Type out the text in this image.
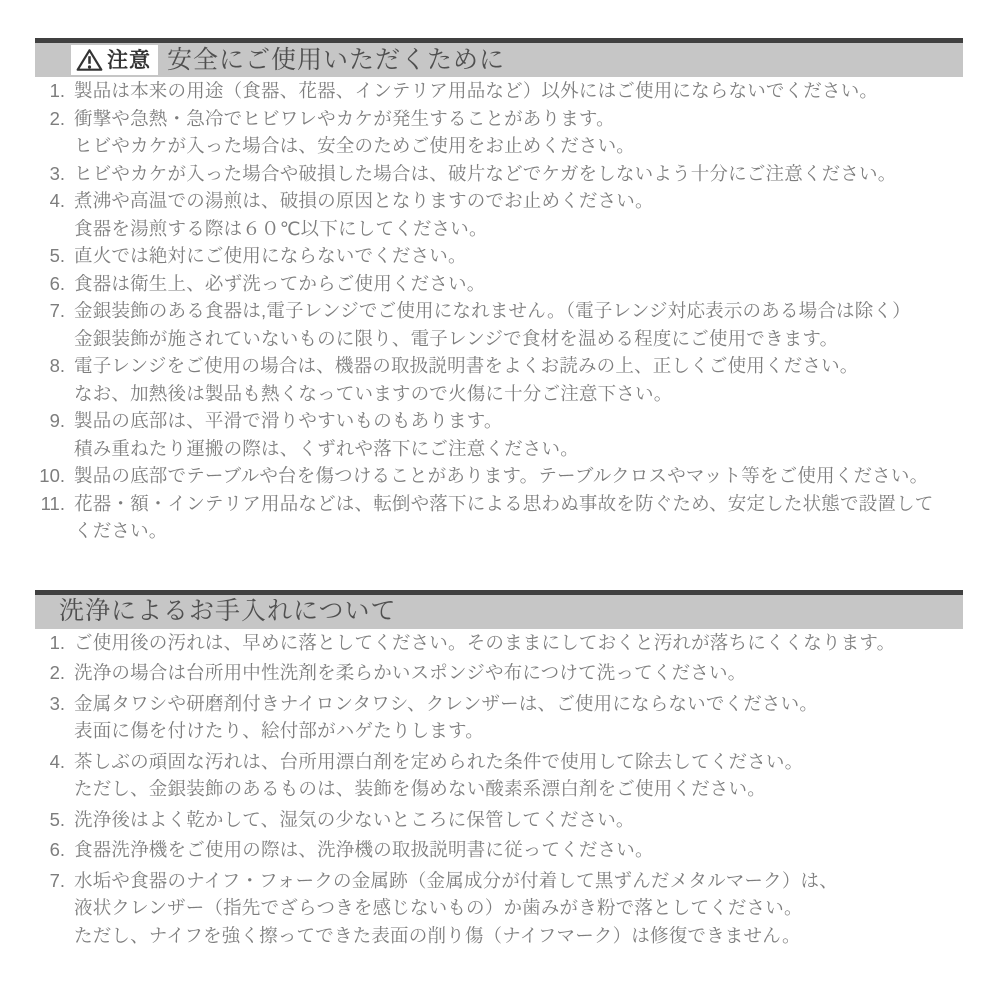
注意 安全にご使用いただくために
1. 製品は本来の用途（食器、花器、インテリア用品など）以外にはご使用にならないでください。
2. 衝撃や急熱・急冷でヒビワレやカケが発生することがあります。
ヒビやカケが入った場合は、安全のためご使用をお止めください。
3. ヒビやカケが入った場合や破損した場合は、破片などでケガをしないよう十分にご注意ください。
4. 煮沸や高温での湯煎は、破損の原因となりますのでお止めください。
食器を湯煎する際は６０℃以下にしてください。
5. 直火では絶対にご使用にならないでください。
6. 食器は衛生上、必ず洗ってからご使用ください。
7. 金銀装飾のある食器は,電子レンジでご使用になれません。（電子レンジ対応表示のある場合は除く）
金銀装飾が施されていないものに限り、電子レンジで食材を温める程度にご使用できます。
8. 電子レンジをご使用の場合は、機器の取扱説明書をよくお読みの上、正しくご使用ください。
なお、加熱後は製品も熱くなっていますので火傷に十分ご注意下さい。
9. 製品の底部は、平滑で滑りやすいものもあります。
積み重ねたり運搬の際は、くずれや落下にご注意ください。
10. 製品の底部でテーブルや台を傷つけることがあります。テーブルクロスやマット等をご使用ください。
11. 花器・額・インテリア用品などは、転倒や落下による思わぬ事故を防ぐため、安定した状態で設置して
ください。
洗浄によるお手入れについて
1. ご使用後の汚れは、早めに落としてください。そのままにしておくと汚れが落ちにくくなります。
2. 洗浄の場合は台所用中性洗剤を柔らかいスポンジや布につけて洗ってください。
3. 金属タワシや研磨剤付きナイロンタワシ、クレンザーは、ご使用にならないでください。
表面に傷を付けたり、絵付部がハゲたりします。
4. 茶しぶの頑固な汚れは、台所用漂白剤を定められた条件で使用して除去してください。
ただし、金銀装飾のあるものは、装飾を傷めない酸素系漂白剤をご使用ください。
5. 洗浄後はよく乾かして、湿気の少ないところに保管してください。
6. 食器洗浄機をご使用の際は、洗浄機の取扱説明書に従ってください。
7. 水垢や食器のナイフ・フォークの金属跡（金属成分が付着して黒ずんだメタルマーク）は、
液状クレンザー（指先でざらつきを感じないもの）か歯みがき粉で落としてください。
ただし、ナイフを強く擦ってできた表面の削り傷（ナイフマーク）は修復できません。
